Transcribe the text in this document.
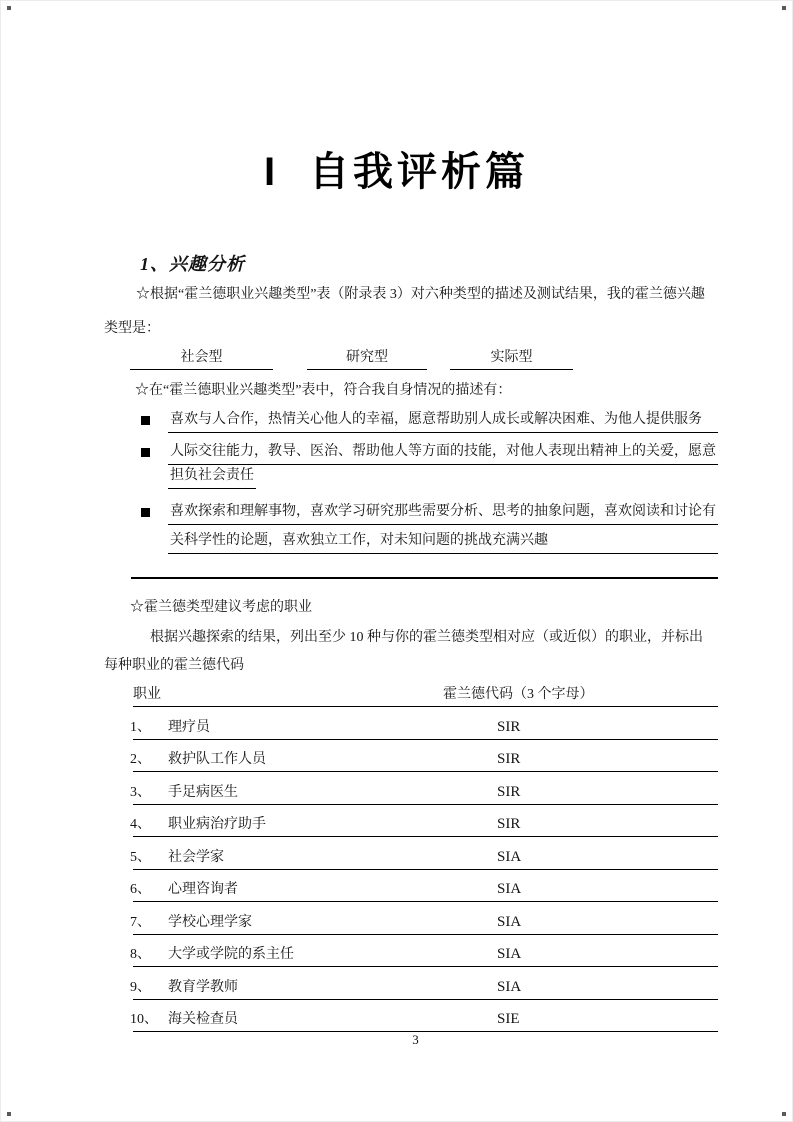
I 自我评析篇
1、兴趣分析
☆根据“霍兰德职业兴趣类型”表（附录表 3）对六种类型的描述及测试结果，我的霍兰德兴趣
类型是：
社会型	研究型	实际型
☆在“霍兰德职业兴趣类型”表中，符合我自身情况的描述有：
喜欢与人合作，热情关心他人的幸福，愿意帮助别人成长或解决困难、为他人提供服务
人际交往能力，教导、医治、帮助他人等方面的技能，对他人表现出精神上的关爱，愿意
担负社会责任
喜欢探索和理解事物，喜欢学习研究那些需要分析、思考的抽象问题，喜欢阅读和讨论有
关科学性的论题，喜欢独立工作，对未知问题的挑战充满兴趣
☆霍兰德类型建议考虑的职业
根据兴趣探索的结果，列出至少 10 种与你的霍兰德类型相对应（或近似）的职业，并标出
每种职业的霍兰德代码
职业	霍兰德代码（3 个字母）
1、 理疗员	SIR
2、 救护队工作人员	SIR
3、 手足病医生	SIR
4、 职业病治疗助手	SIR
5、 社会学家	SIA
6、 心理咨询者	SIA
7、 学校心理学家	SIA
8、 大学或学院的系主任	SIA
9、 教育学教师	SIA
10、 海关检查员	SIE
3
